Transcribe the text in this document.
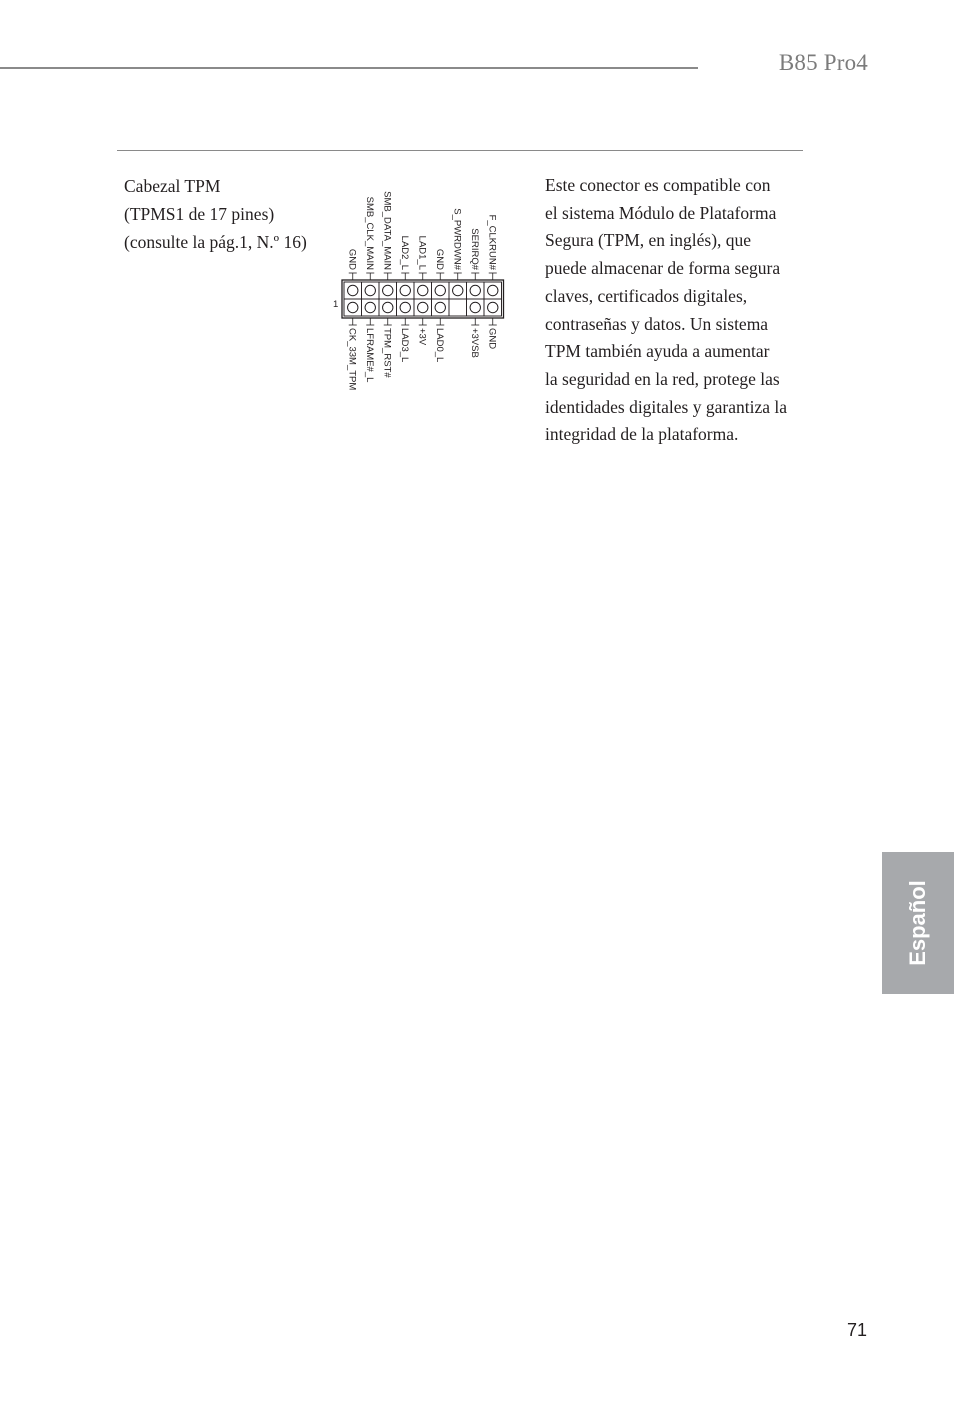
B85 Pro4
Cabezal TPM
(TPMS1 de 17 pines)
(consulte la pág.1, N.º 16)
GND SMB_CLK_MAIN SMB_DATA_MAIN LAD2_L LAD1_L GND S_PWRDWN# SERIRQ# F_CLKRUN#
CK_33M_TPM LFRAME#_L TPM_RST# LAD3_L +3V LAD0_L	+3VSB GND
1
Este conector es compatible con
el sistema Módulo de Plataforma
Segura (TPM, en inglés), que
puede almacenar de forma segura
claves, certificados digitales,
contraseñas y datos. Un sistema
TPM también ayuda a aumentar
la seguridad en la red, protege las
identidades digitales y garantiza la
integridad de la plataforma.
Español
71
